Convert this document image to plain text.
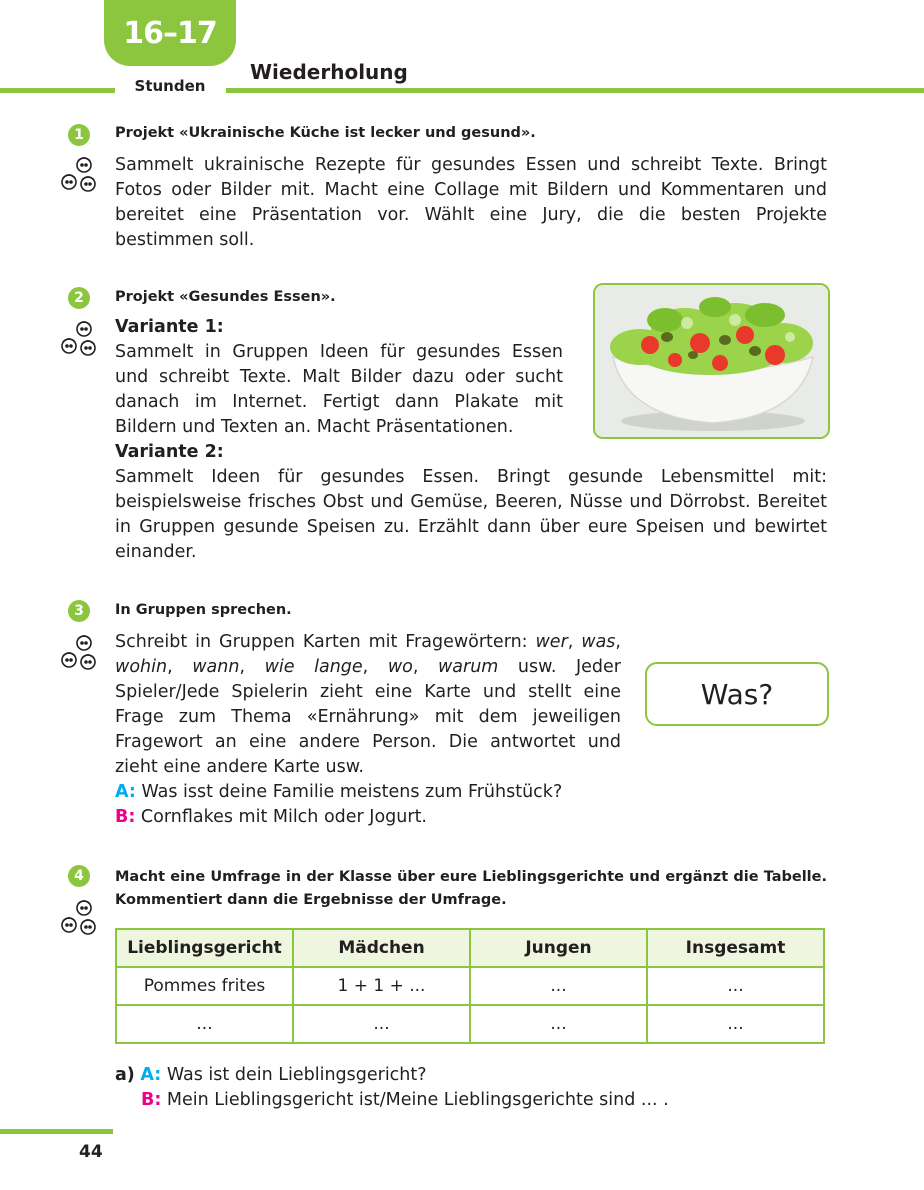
16–17
Stunden
Wiederholung
1	Projekt «Ukrainische Küche ist lecker und gesund».
Sammelt ukrainische Rezepte für gesundes Essen und schreibt Texte. Bringt Fotos oder Bilder mit. Macht eine Collage mit Bildern und Kommentaren und bereitet eine Präsentation vor. Wählt eine Jury, die die besten Projekte bestimmen soll.
2	Projekt «Gesundes Essen».

Variante 1:

Sammelt in Gruppen Ideen für gesundes Essen und schreibt Texte. Malt Bilder dazu oder sucht danach im Internet. Fertigt dann Plakate mit Bildern und Texten an. Macht Präsentationen.

Variante 2:

Sammelt Ideen für gesundes Essen. Bringt gesunde Lebensmittel mit: beispielsweise frisches Obst und Gemüse, Beeren, Nüsse und Dörrobst. Bereitet in Gruppen gesunde Speisen zu. Erzählt dann über eure Speisen und bewirtet einander.

3	In Gruppen sprechen.

Schreibt in Gruppen Karten mit Fragewörtern: wer, was, wohin, wann, wie lange, wo, warum usw. Jeder Spieler/Jede Spielerin zieht eine Karte und stellt eine Frage zum Thema «Ernährung» mit dem jeweiligen Fragewort an eine andere Person. Die antwortet und zieht eine andere Karte usw.

A: Was isst deine Familie meistens zum Frühstück?
B: Cornflakes mit Milch oder Jogurt.
Was?
4	Macht eine Umfrage in der Klasse über eure Lieblingsgerichte und ergänzt die Tabelle. Kommentiert dann die Ergebnisse der Umfrage.
Lieblingsgericht	Mädchen	Jungen	Insgesamt
Pommes frites	1 + 1 + ...	...	...
...	...	...	...
a) A: Was ist dein Lieblingsgericht?
B: Mein Lieblingsgericht ist/Meine Lieblingsgerichte sind ... .
44
